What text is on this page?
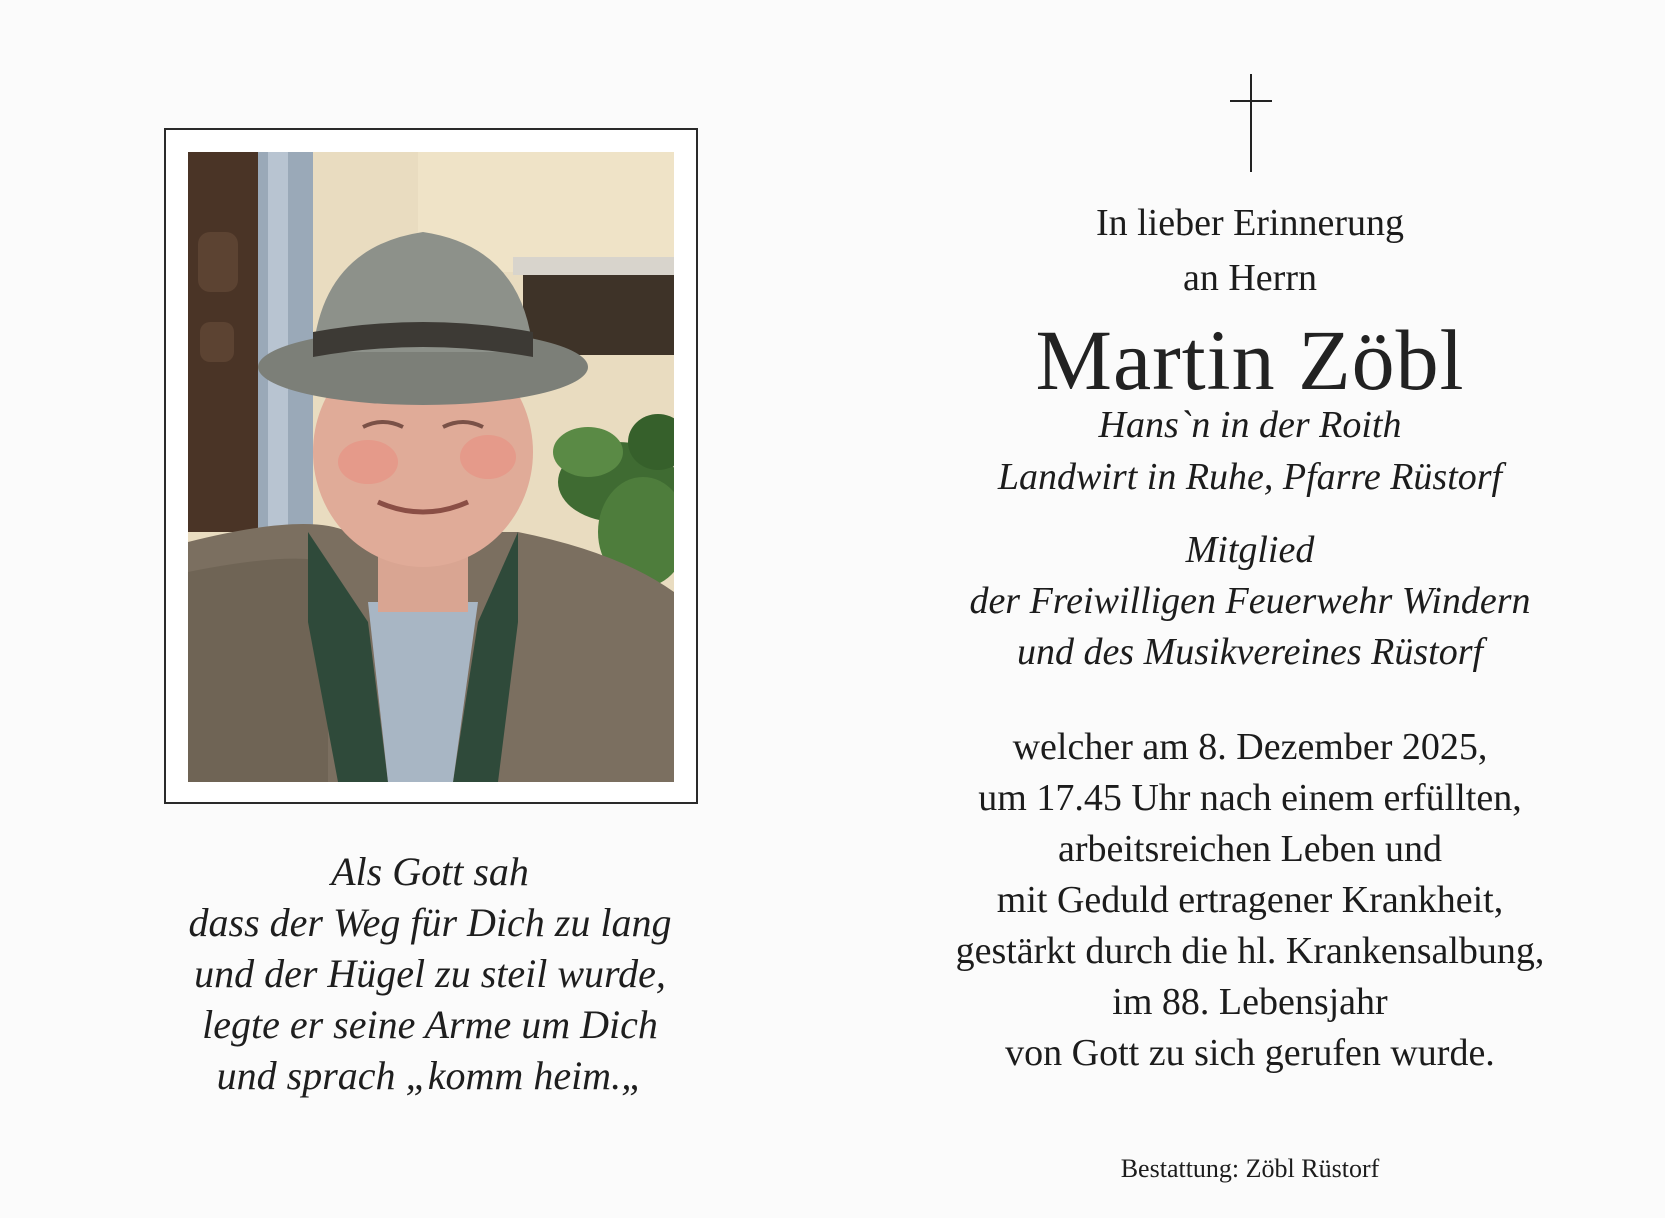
Als Gott sah
dass der Weg für Dich zu lang
und der Hügel zu steil wurde,
legte er seine Arme um Dich
und sprach „komm heim.„
In lieber Erinnerung
an Herrn
Martin Zöbl
Hans`n in der Roith
Landwirt in Ruhe, Pfarre Rüstorf
Mitglied
der Freiwilligen Feuerwehr Windern
und des Musikvereines Rüstorf
welcher am 8. Dezember 2025,
um 17.45 Uhr nach einem erfüllten,
arbeitsreichen Leben und
mit Geduld ertragener Krankheit,
gestärkt durch die hl. Krankensalbung,
im 88. Lebensjahr
von Gott zu sich gerufen wurde.
Bestattung: Zöbl Rüstorf
